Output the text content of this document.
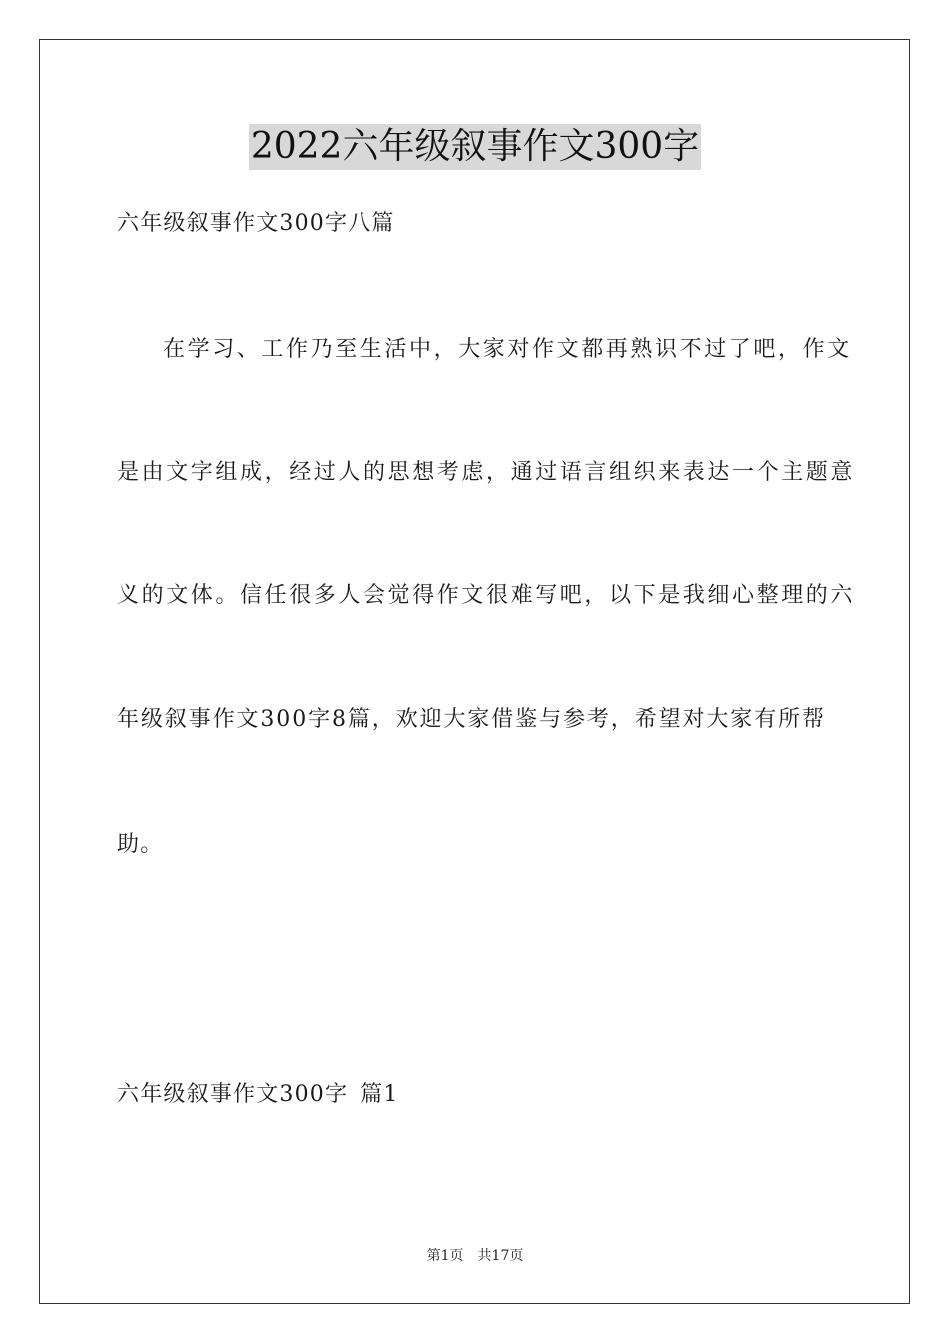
2022六年级叙事作文300字
六年级叙事作文300字八篇
在学习、工作乃至生活中，大家对作文都再熟识不过了吧，作文
是由文字组成，经过人的思想考虑，通过语言组织来表达一个主题意
义的文体。信任很多人会觉得作文很难写吧，以下是我细心整理的六
年级叙事作文300字8篇，欢迎大家借鉴与参考，希望对大家有所帮
助。
六年级叙事作文300字 篇1
第1页 共17页
